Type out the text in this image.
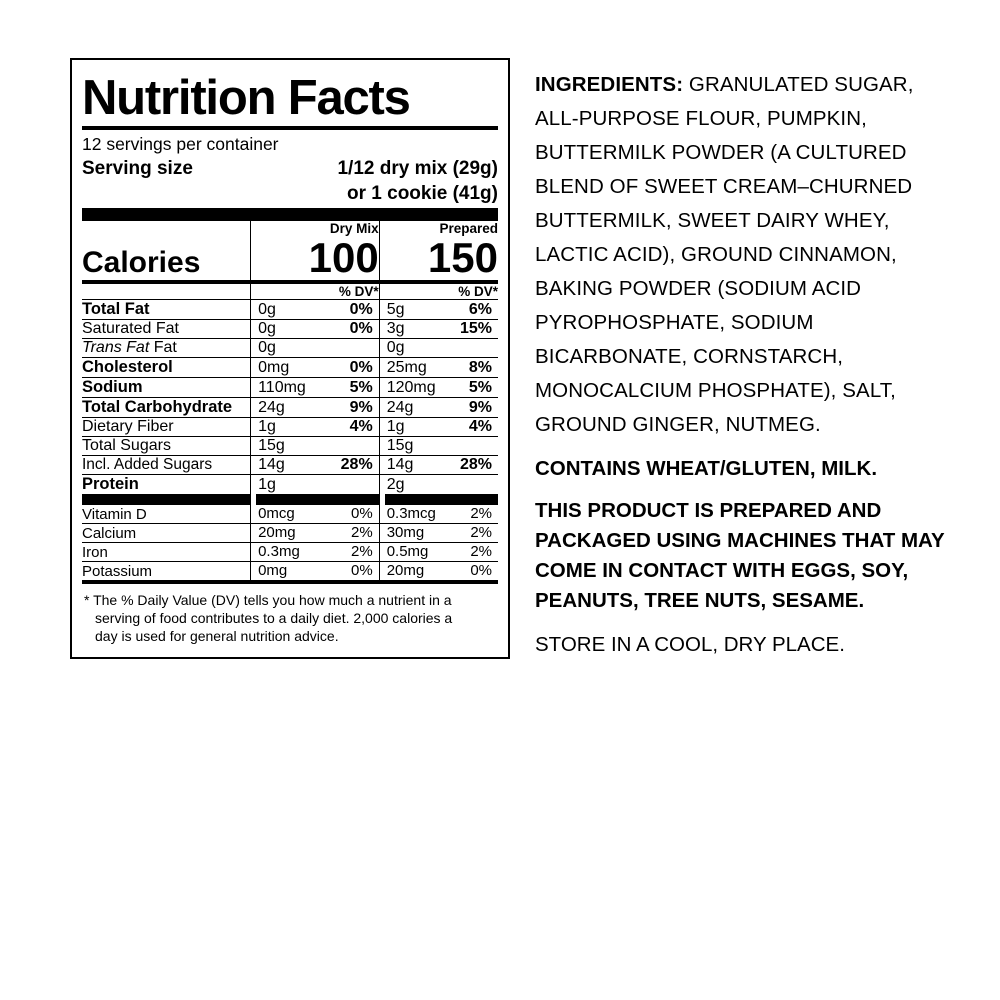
Nutrition Facts
12 servings per container
Serving size	1/12 dry mix (29g)
or 1 cookie (41g)
	Dry Mix	Prepared
Calories	100	150

	% DV*	% DV*

Total Fat	0g 0%	5g 6%

Saturated Fat	0g 0%	3g 15%

Trans Fat Fat	0g	0g

Cholesterol	0mg 0%	25mg 8%

Sodium	110mg 5%	120mg 5%

Total Carbohydrate	24g 9%	24g 9%

Dietary Fiber	1g 4%	1g 4%

Total Sugars	15g	15g

Incl. Added Sugars	14g 28%	14g 28%

Protein	1g	2g

Vitamin D	0mcg 0%	0.3mcg 2%

Calcium	20mg 2%	30mg 2%

Iron	0.3mg 2%	0.5mg 2%

Potassium	0mg 0%	20mg 0%

* The % Daily Value (DV) tells you how much a nutrient in a
serving of food contributes to a daily diet. 2,000 calories a
day is used for general nutrition advice.
INGREDIENTS: GRANULATED SUGAR, ALL-PURPOSE FLOUR, PUMPKIN, BUTTERMILK POWDER (A CULTURED BLEND OF SWEET CREAM–CHURNED BUTTERMILK, SWEET DAIRY WHEY, LACTIC ACID), GROUND CINNAMON, BAKING POWDER (SODIUM ACID PYROPHOSPHATE, SODIUM BICARBONATE, CORNSTARCH, MONOCALCIUM PHOSPHATE), SALT, GROUND GINGER, NUTMEG.
CONTAINS WHEAT/GLUTEN, MILK.
THIS PRODUCT IS PREPARED AND PACKAGED USING MACHINES THAT MAY COME IN CONTACT WITH EGGS, SOY, PEANUTS, TREE NUTS, SESAME.
STORE IN A COOL, DRY PLACE.
